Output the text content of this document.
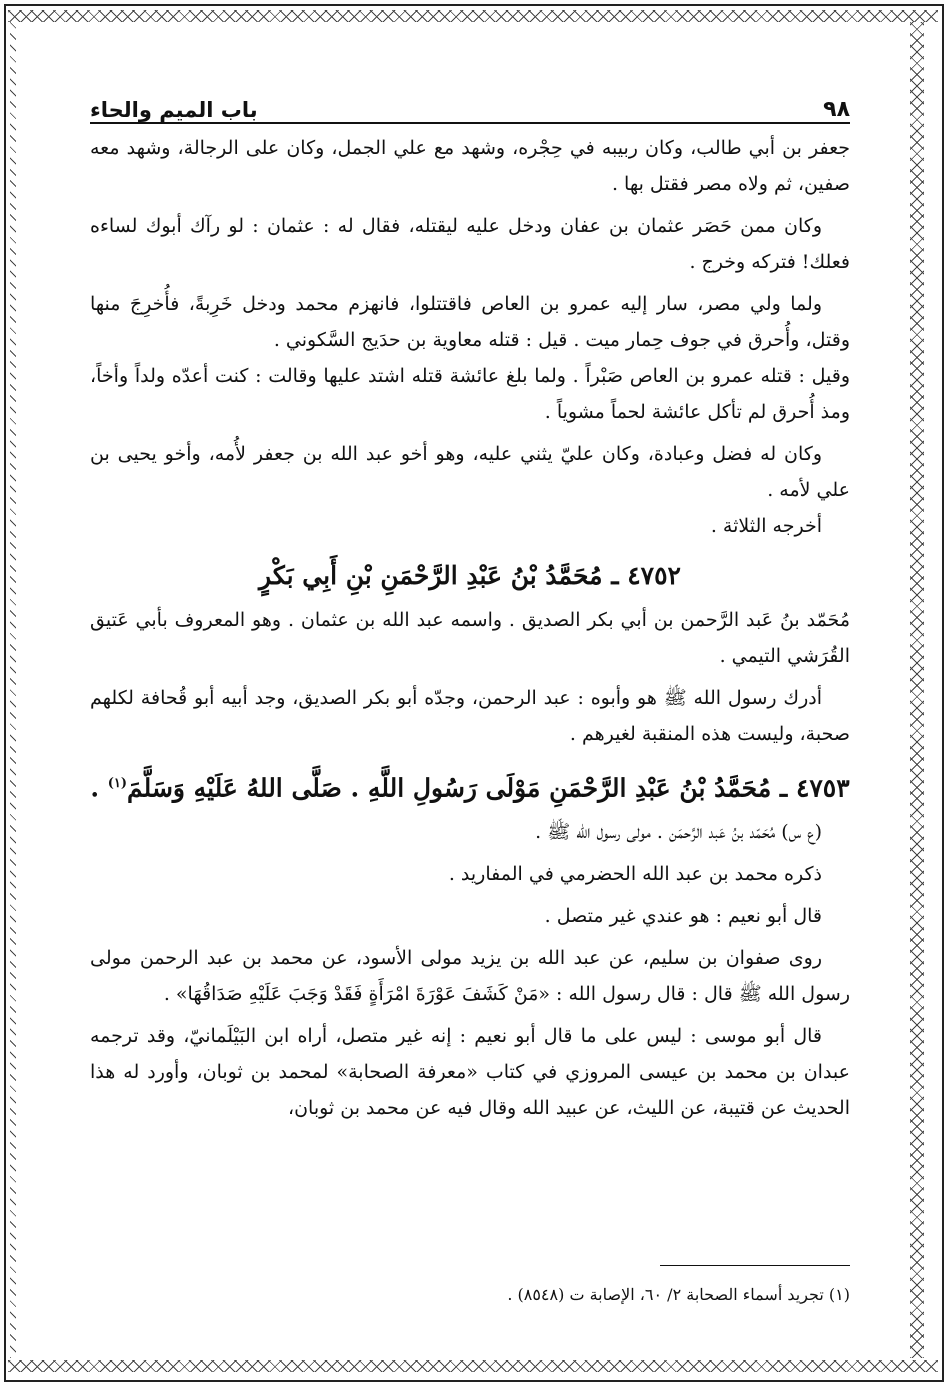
٩٨
باب الميم والحاء

جعفر بن أبي طالب، وكان ربيبه في حِجْره، وشهد مع علي الجمل، وكان على الرجالة، وشهد معه صفين، ثم ولاه مصر فقتل بها .

وكان ممن حَصَر عثمان بن عفان ودخل عليه ليقتله، فقال له : عثمان : لو رآك أبوك لساءه فعلك! فتركه وخرج .

ولما ولي مصر، سار إليه عمرو بن العاص فاقتتلوا، فانهزم محمد ودخل خَرِبةً، فأُخرِجَ منها وقتل، وأُحرق في جوف حِمار ميت . قيل : قتله معاوية بن حدَيج السَّكوني .

وقيل : قتله عمرو بن العاص صَبْراً . ولما بلغ عائشة قتله اشتد عليها وقالت : كنت أعدّه ولداً وأخاً، ومذ أُحرق لم تأكل عائشة لحماً مشوياً .

وكان له فضل وعبادة، وكان عليّ يثني عليه، وهو أخو عبد الله بن جعفر لأُمه، وأخو يحيى بن علي لأمه .

أخرجه الثلاثة .

٤٧٥٢ ـ مُحَمَّدُ بْنُ عَبْدِ الرَّحْمَنِ بْنِ أَبِي بَكْرٍ

مُحَمّد بنُ عَبد الرَّحمن بن أبي بكر الصديق . واسمه عبد الله بن عثمان . وهو المعروف بأبي عَتيق القُرَشي التيمي .

أدرك رسول الله ﷺ هو وأبوه : عبد الرحمن، وجدّه أبو بكر الصديق، وجد أبيه أبو قُحافة لكلهم صحبة، وليست هذه المنقبة لغيرهم .

٤٧٥٣ ـ مُحَمَّدُ بْنُ عَبْدِ الرَّحْمَنِ مَوْلَى رَسُولِ اللَّهِ . صَلَّى اللهُ عَلَيْهِ وَسَلَّمَ$^{(١)}$ .

(ع س) مُحَمّد بنُ عَبد الرَّحمَن . مولى رسول الله ﷺ .

ذكره محمد بن عبد الله الحضرمي في المفاريد .

قال أبو نعيم : هو عندي غير متصل .

روى صفوان بن سليم، عن عبد الله بن يزيد مولى الأسود، عن محمد بن عبد الرحمن مولى رسول الله ﷺ قال : قال رسول الله : «مَنْ كَشَفَ عَوْرَةَ امْرَأَةٍ فَقَدْ وَجَبَ عَلَيْهِ صَدَاقُهَا» .

قال أبو موسى : ليس على ما قال أبو نعيم : إنه غير متصل، أراه ابن البَيْلَمانيّ، وقد ترجمه عبدان بن محمد بن عيسى المروزي في كتاب «معرفة الصحابة» لمحمد بن ثوبان، وأورد له هذا الحديث عن قتيبة، عن الليث، عن عبيد الله وقال فيه عن محمد بن ثوبان،

(١) تجريد أسماء الصحابة ٢/ ٦٠، الإصابة ت (٨٥٤٨) .
